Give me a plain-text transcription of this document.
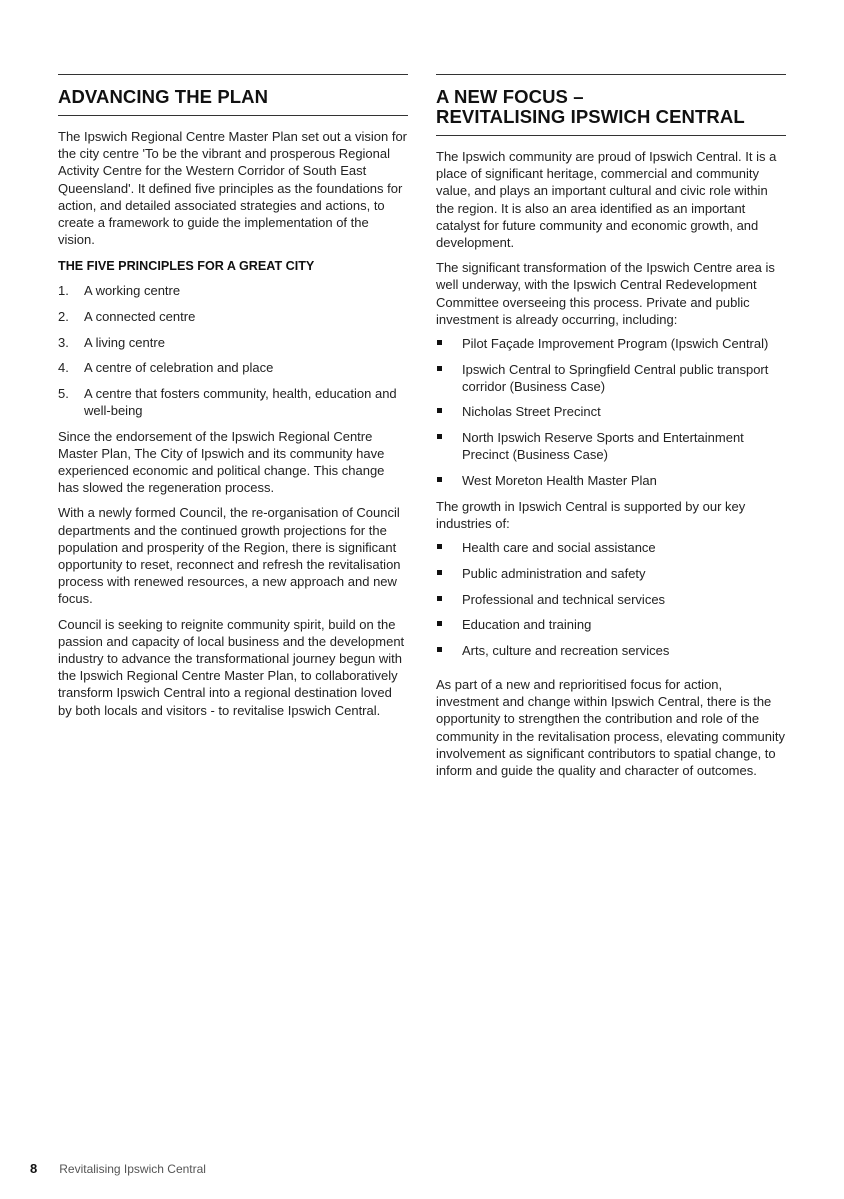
ADVANCING THE PLAN

The Ipswich Regional Centre Master Plan set out a vision for the city centre 'To be the vibrant and prosperous Regional Activity Centre for the Western Corridor of South East Queensland'. It defined five principles as the foundations for action, and detailed associated strategies and actions, to create a framework to guide the implementation of the vision.

THE FIVE PRINCIPLES FOR A GREAT CITY
1. A working centre
2. A connected centre
3. A living centre
4. A centre of celebration and place
5. A centre that fosters community, health, education and well-being

Since the endorsement of the Ipswich Regional Centre Master Plan, The City of Ipswich and its community have experienced economic and political change. This change has slowed the regeneration process.

With a newly formed Council, the re-organisation of Council departments and the continued growth projections for the population and prosperity of the Region, there is significant opportunity to reset, reconnect and refresh the revitalisation process with renewed resources, a new approach and new focus.

Council is seeking to reignite community spirit, build on the passion and capacity of local business and the development industry to advance the transformational journey begun with the Ipswich Regional Centre Master Plan, to collaboratively transform Ipswich Central into a regional destination loved by both locals and visitors - to revitalise Ipswich Central.

A NEW FOCUS –
REVITALISING IPSWICH CENTRAL

The Ipswich community are proud of Ipswich Central. It is a place of significant heritage, commercial and community value, and plays an important cultural and civic role within the region. It is also an area identified as an important catalyst for future community and economic growth, and development.

The significant transformation of the Ipswich Centre area is well underway, with the Ipswich Central Redevelopment Committee overseeing this process. Private and public investment is already occurring, including:

Pilot Façade Improvement Program (Ipswich Central)
Ipswich Central to Springfield Central public transport corridor (Business Case)
Nicholas Street Precinct
North Ipswich Reserve Sports and Entertainment Precinct (Business Case)
West Moreton Health Master Plan

The growth in Ipswich Central is supported by our key industries of:

Health care and social assistance
Public administration and safety
Professional and technical services
Education and training
Arts, culture and recreation services

As part of a new and reprioritised focus for action, investment and change within Ipswich Central, there is the opportunity to strengthen the contribution and role of the community in the revitalisation process, elevating community involvement as significant contributors to spatial change, to inform and guide the quality and character of outcomes.

8 Revitalising Ipswich Central
